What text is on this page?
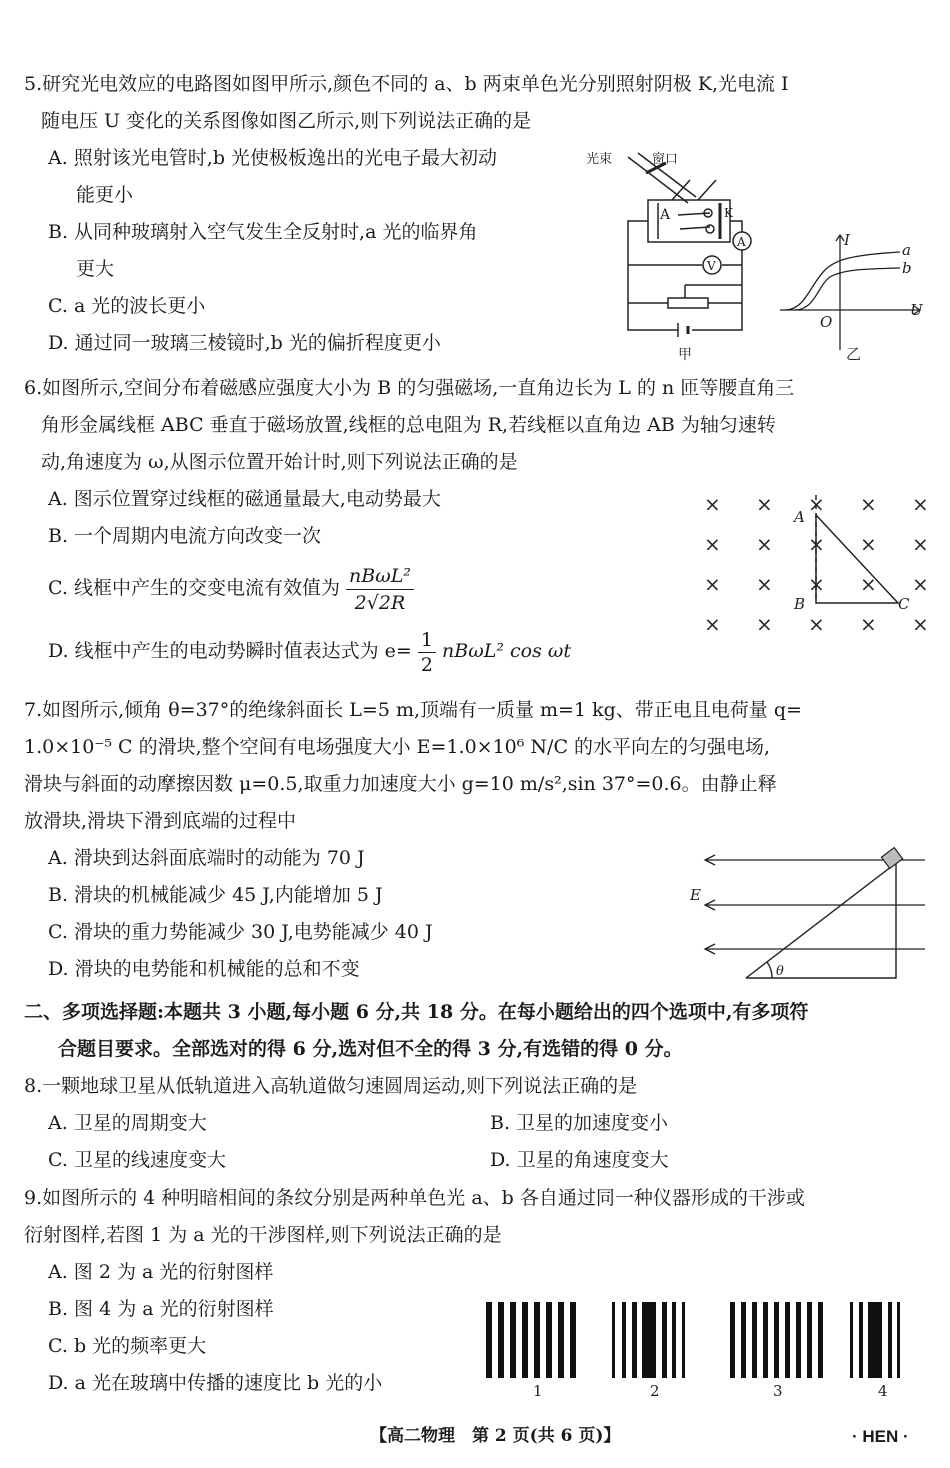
5.研究光电效应的电路图如图甲所示,颜色不同的 a、b 两束单色光分别照射阴极 K,光电流 I
随电压 U 变化的关系图像如图乙所示,则下列说法正确的是
A. 照射该光电管时,b 光使极板逸出的光电子最大初动
能更小
B. 从同种玻璃射入空气发生全反射时,a 光的临界角
更大
C. a 光的波长更小
D. 通过同一玻璃三棱镜时,b 光的偏折程度更小
光束	窗口
A	K
A
V
甲
I
U
O
a
b
乙
6.如图所示,空间分布着磁感应强度大小为 B 的匀强磁场,一直角边长为 L 的 n 匝等腰直角三
角形金属线框 ABC 垂直于磁场放置,线框的总电阻为 R,若线框以直角边 AB 为轴匀速转
动,角速度为 ω,从图示位置开始计时,则下列说法正确的是
A. 图示位置穿过线框的磁通量最大,电动势最大
B. 一个周期内电流方向改变一次
C. 线框中产生的交变电流有效值为
nBωL²
2√2R
D. 线框中产生的电动势瞬时值表达式为 $e= \frac{1}{2} nB\omega L^2$ cos ωt
× × × × ×
× × × × ×
× × × × ×
× × × × ×
A
B	C
7.如图所示,倾角 θ=37°的绝缘斜面长 L=5 m,顶端有一质量 m=1 kg、带正电且电荷量 q=
1.0×10⁻⁵ C 的滑块,整个空间有电场强度大小 E=1.0×10⁶ N/C 的水平向左的匀强电场,
滑块与斜面的动摩擦因数 μ=0.5,取重力加速度大小 g=10 m/s²,sin 37°=0.6。由静止释
放滑块,滑块下滑到底端的过程中
A. 滑块到达斜面底端时的动能为 70 J
B. 滑块的机械能减少 45 J,内能增加 5 J
C. 滑块的重力势能减少 30 J,电势能减少 40 J
D. 滑块的电势能和机械能的总和不变
E
θ
二、多项选择题:本题共 3 小题,每小题 6 分,共 18 分。在每小题给出的四个选项中,有多项符
合题目要求。全部选对的得 6 分,选对但不全的得 3 分,有选错的得 0 分。
8.一颗地球卫星从低轨道进入高轨道做匀速圆周运动,则下列说法正确的是
A. 卫星的周期变大	B. 卫星的加速度变小
C. 卫星的线速度变大	D. 卫星的角速度变大
9.如图所示的 4 种明暗相间的条纹分别是两种单色光 a、b 各自通过同一种仪器形成的干涉或
衍射图样,若图 1 为 a 光的干涉图样,则下列说法正确的是
A. 图 2 为 a 光的衍射图样
B. 图 4 为 a 光的衍射图样
C. b 光的频率更大
D. a 光在玻璃中传播的速度比 b 光的小	1	2	3	4
【高二物理　第 2 页(共 6 页)】	· HEN ·
